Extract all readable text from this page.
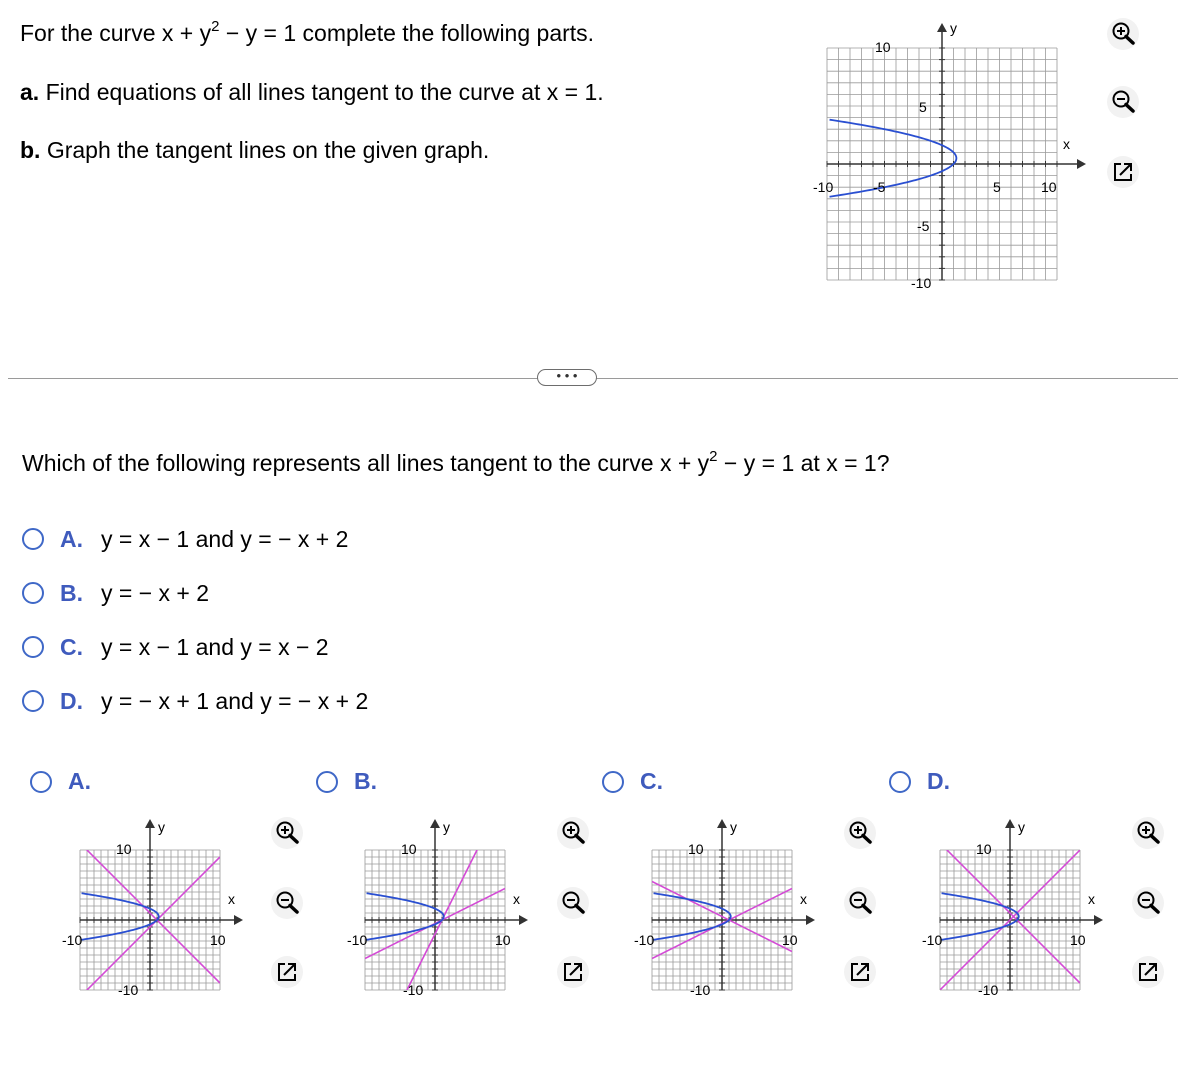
For the curve $x + y^2 - y = 1$ complete the following parts.
a. Find equations of all lines tangent to the curve at x = 1.
b. Graph the tangent lines on the given graph.
10
5
-5
-10
-10	-5	5	10
x
y
• • •
Which of the following represents all lines tangent to the curve $x + y^2 - y = 1$ at x = 1?
A. y = x − 1 and y = − x + 2
B. y = − x + 2
C. y = x − 1 and y = x − 2
D. y = − x + 1 and y = − x + 2
A.	B.	C.	D.
10
-10
-10	10
x
y
10
-10
-10	10
x
y
10
-10
-10	10
x
y
10
-10
-10	10
x
y
